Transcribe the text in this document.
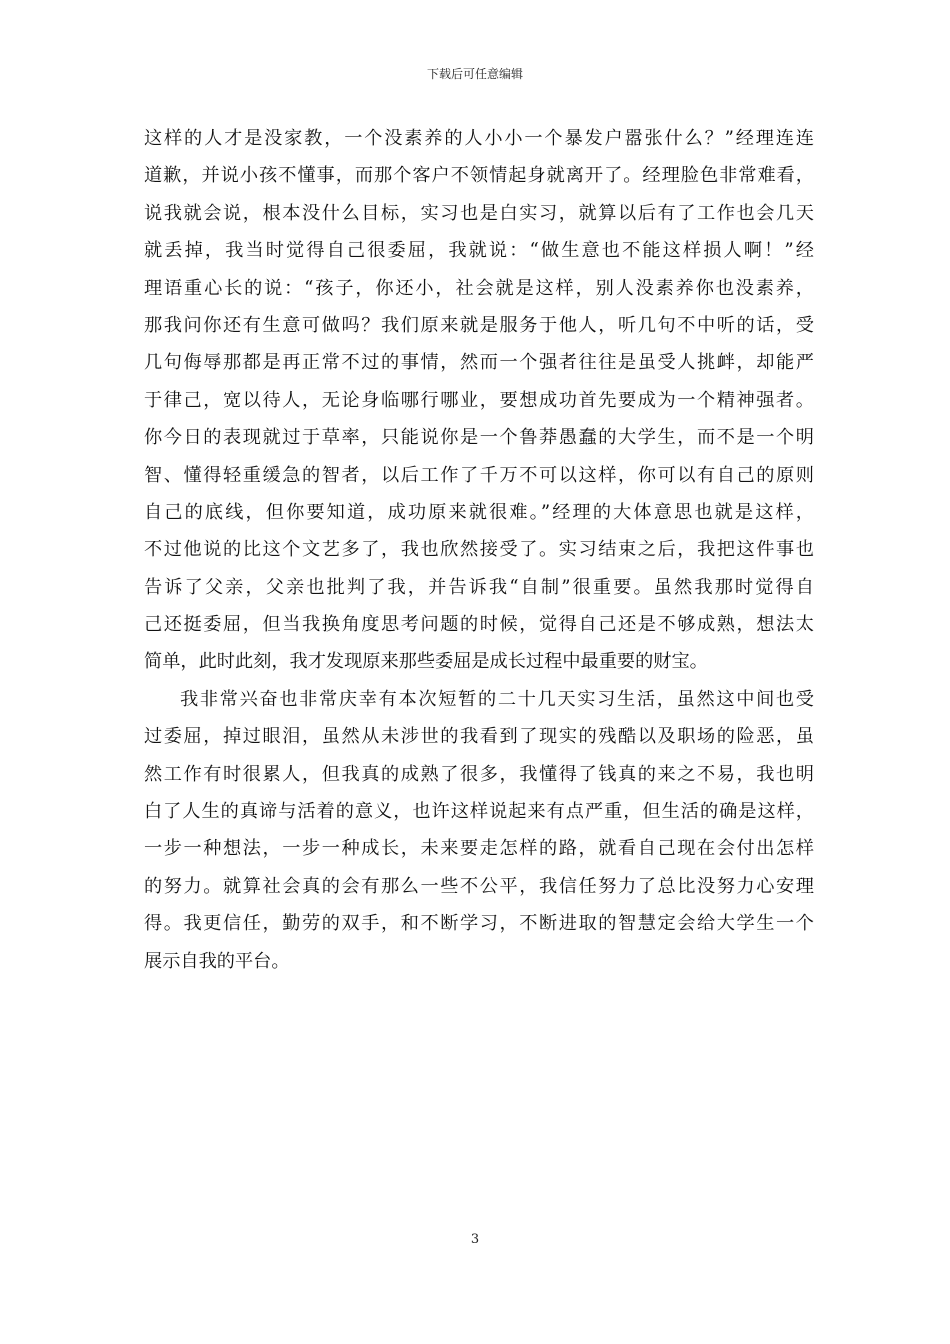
下载后可任意编辑
这样的人才是没家教，一个没素养的人小小一个暴发户嚣张什么？”经理连连
道歉，并说小孩不懂事，而那个客户不领情起身就离开了。经理脸色非常难看，
说我就会说，根本没什么目标，实习也是白实习，就算以后有了工作也会几天
就丢掉，我当时觉得自己很委屈，我就说：“做生意也不能这样损人啊！”经
理语重心长的说：“孩子，你还小，社会就是这样，别人没素养你也没素养，
那我问你还有生意可做吗？我们原来就是服务于他人，听几句不中听的话，受
几句侮辱那都是再正常不过的事情，然而一个强者往往是虽受人挑衅，却能严
于律己，宽以待人，无论身临哪行哪业，要想成功首先要成为一个精神强者。
你今日的表现就过于草率，只能说你是一个鲁莽愚蠢的大学生，而不是一个明
智、懂得轻重缓急的智者，以后工作了千万不可以这样，你可以有自己的原则
自己的底线，但你要知道，成功原来就很难。”经理的大体意思也就是这样，
不过他说的比这个文艺多了，我也欣然接受了。实习结束之后，我把这件事也
告诉了父亲，父亲也批判了我，并告诉我“自制”很重要。虽然我那时觉得自
己还挺委屈，但当我换角度思考问题的时候，觉得自己还是不够成熟，想法太
简单，此时此刻，我才发现原来那些委屈是成长过程中最重要的财宝。
我非常兴奋也非常庆幸有本次短暂的二十几天实习生活，虽然这中间也受
过委屈，掉过眼泪，虽然从未涉世的我看到了现实的残酷以及职场的险恶，虽
然工作有时很累人，但我真的成熟了很多，我懂得了钱真的来之不易，我也明
白了人生的真谛与活着的意义，也许这样说起来有点严重，但生活的确是这样，
一步一种想法，一步一种成长，未来要走怎样的路，就看自己现在会付出怎样
的努力。就算社会真的会有那么一些不公平，我信任努力了总比没努力心安理
得。我更信任，勤劳的双手，和不断学习，不断进取的智慧定会给大学生一个
展示自我的平台。
3
